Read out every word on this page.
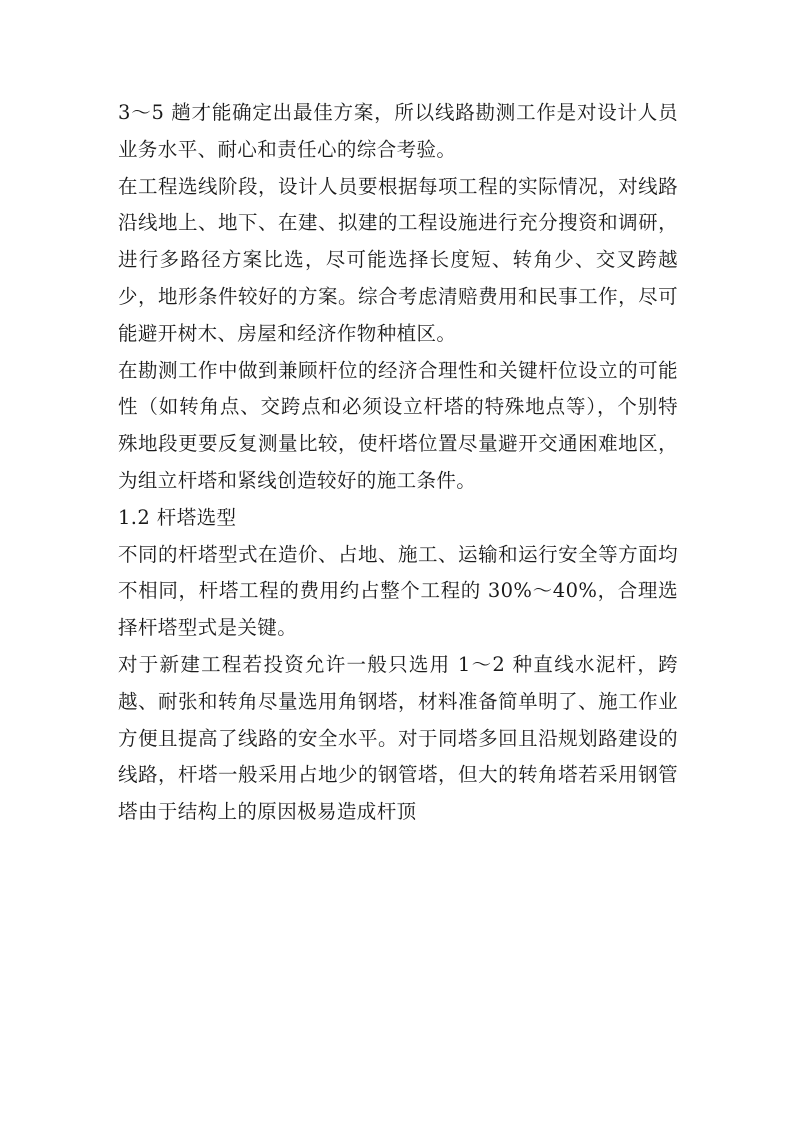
3～5 趟才能确定出最佳方案，所以线路勘测工作是对设计人员业务水平、耐心和责任心的综合考验。

在工程选线阶段，设计人员要根据每项工程的实际情况，对线路沿线地上、地下、在建、拟建的工程设施进行充分搜资和调研，进行多路径方案比选，尽可能选择长度短、转角少、交叉跨越少，地形条件较好的方案。综合考虑清赔费用和民事工作，尽可能避开树木、房屋和经济作物种植区。

在勘测工作中做到兼顾杆位的经济合理性和关键杆位设立的可能性（如转角点、交跨点和必须设立杆塔的特殊地点等），个别特殊地段更要反复测量比较，使杆塔位置尽量避开交通困难地区，为组立杆塔和紧线创造较好的施工条件。

1.2 杆塔选型

不同的杆塔型式在造价、占地、施工、运输和运行安全等方面均不相同，杆塔工程的费用约占整个工程的 30%～40%，合理选择杆塔型式是关键。

对于新建工程若投资允许一般只选用 1～2 种直线水泥杆，跨越、耐张和转角尽量选用角钢塔，材料准备简单明了、施工作业方便且提高了线路的安全水平。对于同塔多回且沿规划路建设的线路，杆塔一般采用占地少的钢管塔，但大的转角塔若采用钢管塔由于结构上的原因极易造成杆顶
